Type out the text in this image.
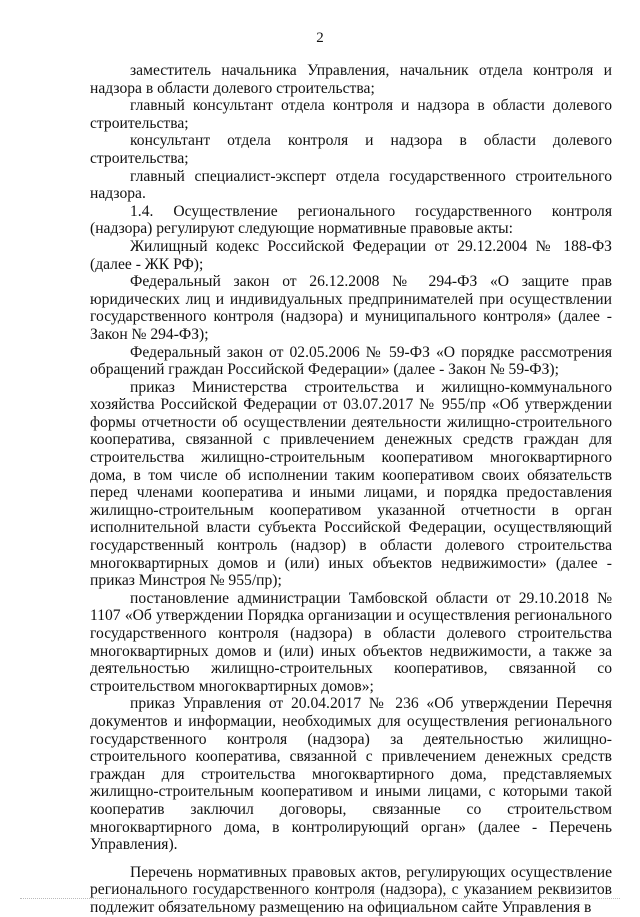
2

заместитель начальника Управления, начальник отдела контроля и надзора в области долевого строительства;

главный консультант отдела контроля и надзора в области долевого строительства;

консультант отдела контроля и надзора в области долевого строительства;

главный специалист-эксперт отдела государственного строительного надзора.

1.4. Осуществление регионального государственного контроля (надзора) регулируют следующие нормативные правовые акты:

Жилищный кодекс Российской Федерации от 29.12.2004 № 188-ФЗ (далее - ЖК РФ);

Федеральный закон от 26.12.2008 № 294-ФЗ «О защите прав юридических лиц и индивидуальных предпринимателей при осуществлении государственного контроля (надзора) и муниципального контроля» (далее - Закон № 294-ФЗ);

Федеральный закон от 02.05.2006 № 59-ФЗ «О порядке рассмотрения обращений граждан Российской Федерации» (далее - Закон № 59-ФЗ);

приказ Министерства строительства и жилищно-коммунального хозяйства Российской Федерации от 03.07.2017 № 955/пр «Об утверждении формы отчетности об осуществлении деятельности жилищно-строительного кооператива, связанной с привлечением денежных средств граждан для строительства жилищно-строительным кооперативом многоквартирного дома, в том числе об исполнении таким кооперативом своих обязательств перед членами кооператива и иными лицами, и порядка предоставления жилищно-строительным кооперативом указанной отчетности в орган исполнительной власти субъекта Российской Федерации, осуществляющий государственный контроль (надзор) в области долевого строительства многоквартирных домов и (или) иных объектов недвижимости» (далее - приказ Минстроя № 955/пр);

постановление администрации Тамбовской области от 29.10.2018 № 1107 «Об утверждении Порядка организации и осуществления регионального государственного контроля (надзора) в области долевого строительства многоквартирных домов и (или) иных объектов недвижимости, а также за деятельностью жилищно-строительных кооперативов, связанной со строительством многоквартирных домов»;

приказ Управления от 20.04.2017 № 236 «Об утверждении Перечня документов и информации, необходимых для осуществления регионального государственного контроля (надзора) за деятельностью жилищно-строительного кооператива, связанной с привлечением денежных средств граждан для строительства многоквартирного дома, представляемых жилищно-строительным кооперативом и иными лицами, с которыми такой кооператив заключил договоры, связанные со строительством многоквартирного дома, в контролирующий орган» (далее - Перечень Управления).

Перечень нормативных правовых актов, регулирующих осуществление регионального государственного контроля (надзора), с указанием реквизитов подлежит обязательному размещению на официальном сайте Управления в
